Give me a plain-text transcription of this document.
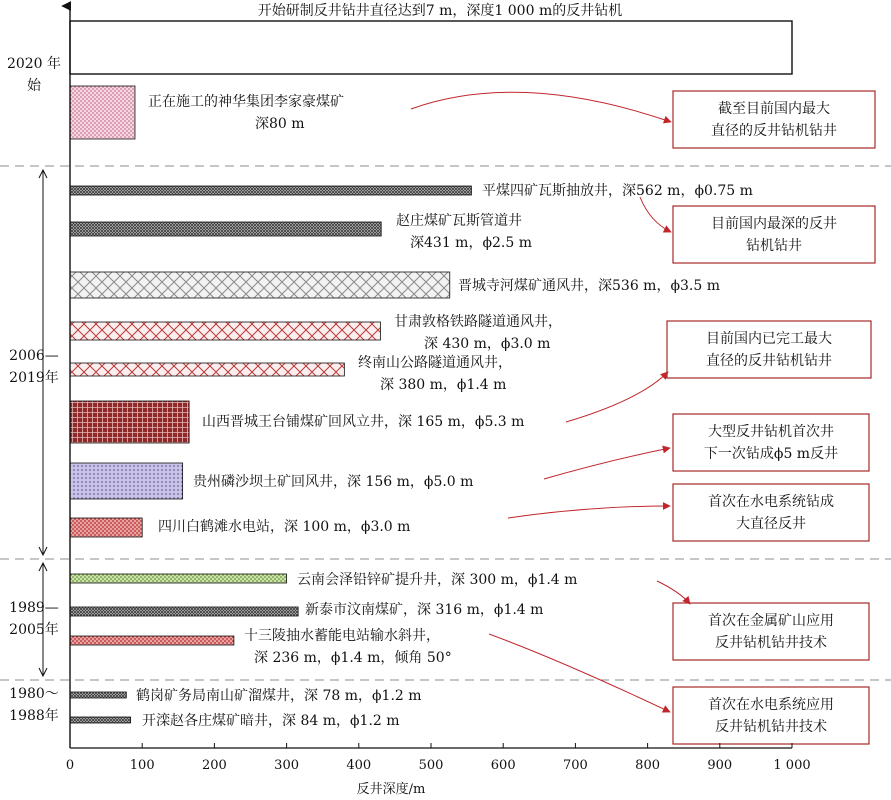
2020 年始
2006— 2019年
1989— 2005年
1980～ 1988年
开始研制反井钻井直径达到7 m，深度1 000 m的反井钻机
正在施工的神华集团李家豪煤矿深80 m
平煤四矿瓦斯抽放井，深562 m，ϕ0.75 m
赵庄煤矿瓦斯管道井深431 m，ϕ2.5 m
晋城寺河煤矿通风井，深536 m，ϕ3.5 m
甘肃敦格铁路隧道通风井，深 430 m，ϕ3.0 m
终南山公路隧道通风井，深 380 m，ϕ1.4 m
山西晋城王台铺煤矿回风立井，深 165 m，ϕ5.3 m
贵州磷沙坝土矿回风井，深 156 m，ϕ5.0 m
四川白鹤滩水电站，深 100 m，ϕ3.0 m
云南会泽铅锌矿提升井，深 300 m，ϕ1.4 m
新泰市汶南煤矿，深 316 m，ϕ1.4 m
十三陵抽水蓄能电站输水斜井，深 236 m，ϕ1.4 m，倾角 50°
鹤岗矿务局南山矿溜煤井，深 78 m，ϕ1.2 m
开滦赵各庄煤矿暗井，深 84 m，ϕ1.2 m
截至目前国内最大直径的反井钻机钻井
目前国内最深的反井钻机钻井
目前国内已完工最大直径的反井钻机钻井
大型反井钻机首次井下一次钻成ϕ5 m反井
首次在水电系统钻成大直径反井
首次在金属矿山应用反井钻机钻井技术
首次在水电系统应用反井钻机钻井技术
0	100	200	300	400	500	600	700	800	900	1 000
反井深度/m
